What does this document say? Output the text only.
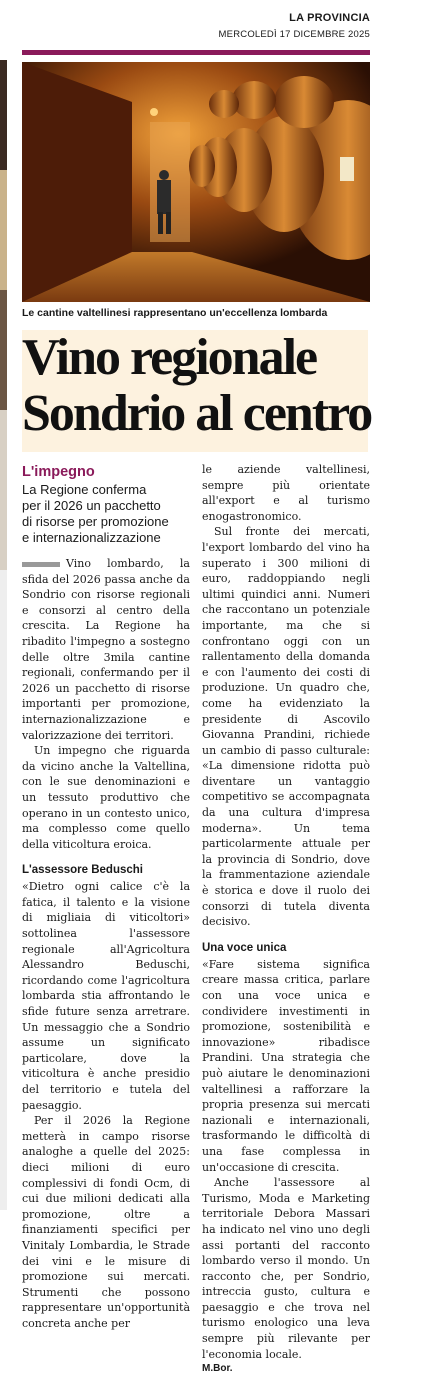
LA PROVINCIA
MERCOLEDÌ 17 DICEMBRE 2025
Le cantine valtellinesi rappresentano un'eccellenza lombarda
Vino regionale
Sondrio al centro
L'impegno
La Regione conferma
per il 2026 un pacchetto
di risorse per promozione
e internazionalizzazione

Vino lombardo, la sfida del 2026 passa anche da Sondrio con risorse regionali e consorzi al centro della crescita. La Regione ha ribadito l'impegno a sostegno delle oltre 3mila cantine regionali, confermando per il 2026 un pacchetto di risorse importanti per promozione, internazionalizzazione e valorizzazione dei territori.

Un impegno che riguarda da vicino anche la Valtellina, con le sue denominazioni e un tessuto produttivo che operano in un contesto unico, ma complesso come quello della viticoltura eroica.

L'assessore Beduschi

«Dietro ogni calice c'è la fatica, il talento e la visione di migliaia di viticoltori» sottolinea l'assessore regionale all'Agricoltura Alessandro Beduschi, ricordando come l'agricoltura lombarda stia affrontando le sfide future senza arretrare. Un messaggio che a Sondrio assume un significato particolare, dove la viticoltura è anche presidio del territorio e tutela del paesaggio.

Per il 2026 la Regione metterà in campo risorse analoghe a quelle del 2025: dieci milioni di euro complessivi di fondi Ocm, di cui due milioni dedicati alla promozione, oltre a finanziamenti specifici per Vinitaly Lombardia, le Strade dei vini e le misure di promozione sui mercati. Strumenti che possono rappresentare un'opportunità concreta anche per

le aziende valtellinesi, sempre più orientate all'export e al turismo enogastronomico.

Sul fronte dei mercati, l'export lombardo del vino ha superato i 300 milioni di euro, raddoppiando negli ultimi quindici anni. Numeri che raccontano un potenziale importante, ma che si confrontano oggi con un rallentamento della domanda e con l'aumento dei costi di produzione. Un quadro che, come ha evidenziato la presidente di Ascovilo Giovanna Prandini, richiede un cambio di passo culturale: «La dimensione ridotta può diventare un vantaggio competitivo se accompagnata da una cultura d'impresa moderna». Un tema particolarmente attuale per la provincia di Sondrio, dove la frammentazione aziendale è storica e dove il ruolo dei consorzi di tutela diventa decisivo.

Una voce unica

«Fare sistema significa creare massa critica, parlare con una voce unica e condividere investimenti in promozione, sostenibilità e innovazione» ribadisce Prandini. Una strategia che può aiutare le denominazioni valtellinesi a rafforzare la propria presenza sui mercati nazionali e internazionali, trasformando le difficoltà di una fase complessa in un'occasione di crescita.

Anche l'assessore al Turismo, Moda e Marketing territoriale Debora Massari ha indicato nel vino uno degli assi portanti del racconto lombardo verso il mondo. Un racconto che, per Sondrio, intreccia gusto, cultura e paesaggio e che trova nel turismo enologico una leva sempre più rilevante per l'economia locale.

M.Bor.
